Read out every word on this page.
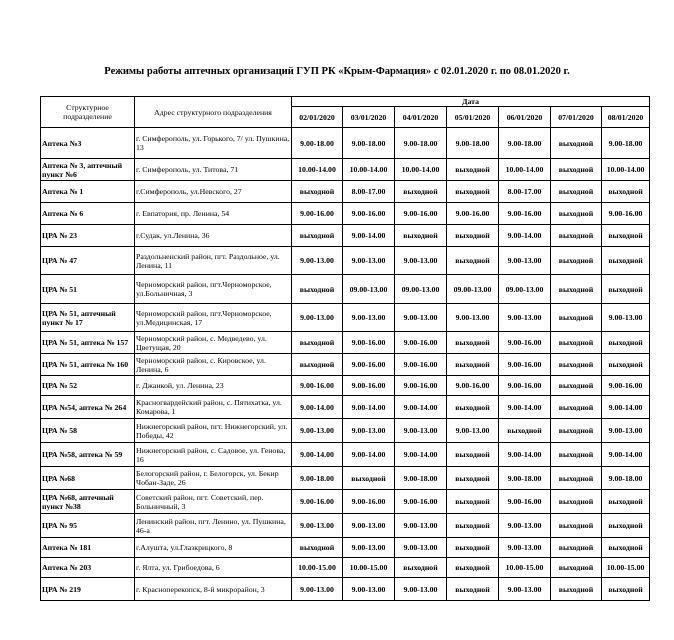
Режимы работы аптечных организаций ГУП РК «Крым-Фармация» с 02.01.2020 г. по 08.01.2020 г.
Структурное подразделение	Адрес структурного подразделения	Дата						
		02/01/2020	03/01/2020	04/01/2020	05/01/2020	06/01/2020	07/01/2020	08/01/2020
Аптека №3	г. Симферополь, ул. Горького, 7/ ул. Пушкина, 13	9.00-18.00	9.00-18.00	9.00-18.00	9.00-18.00	9.00-18.00	выходной	9.00-18.00
Аптека № 3, аптечный пункт №6	г. Симферополь, ул. Титова, 71	10.00-14.00	10.00-14.00	10.00-14.00	выходной	10.00-14.00	выходной	10.00-14.00
Аптека № 1	г.Симферополь, ул.Невского, 27	выходной	8.00-17.00	выходной	выходной	8.00-17.00	выходной	выходной
Аптека № 6	г. Евпатория, пр. Ленина, 54	9.00-16.00	9.00-16.00	9.00-16.00	9.00-16.00	9.00-16.00	выходной	9.00-16.00
ЦРА № 23	г.Судак, ул.Ленина, 36	выходной	9.00-14.00	выходной	выходной	9.00-14.00	выходной	выходной
ЦРА № 47	Раздольненский район, пгт. Раздольное, ул. Ленина, 11	9.00-13.00	9.00-13.00	9.00-13.00	выходной	9.00-13.00	выходной	выходной
ЦРА № 51	Черноморский район, пгт.Черноморское, ул.Больничная, 3	выходной	09.00-13.00	09.00-13.00	09.00-13.00	09.00-13.00	выходной	выходной
ЦРА № 51, аптечный пункт № 17	Черноморский район, пгт.Черноморское, ул.Медицинская, 17	9.00-13.00	9.00-13.00	9.00-13.00	9.00-13.00	9.00-13.00	выходной	9.00-13.00
ЦРА № 51, аптека № 157	Черноморский район, с. Медведево, ул. Цветущая, 20	выходной	9.00-16.00	9.00-16.00	выходной	9.00-16.00	выходной	выходной
ЦРА № 51, аптека № 160	Черноморский район, с. Кировское, ул. Ленина, 6	выходной	9.00-16.00	9.00-16.00	выходной	9.00-16.00	выходной	выходной
ЦРА № 52	г. Джанкой, ул. Ленина, 23	9.00-16.00	9.00-16.00	9.00-16.00	9.00-16.00	9.00-16.00	выходной	9.00-16.00
ЦРА №54, аптека № 264	Красногвардейский район, с. Пятихатка, ул. Комарова, 1	9.00-14.00	9.00-14.00	9.00-14.00	выходной	9.00-14.00	выходной	9.00-14.00
ЦРА № 58	Нижнегорский район, пгт. Нижнегорский, ул. Победы, 42	9.00-13.00	9.00-13.00	9.00-13.00	9.00-13.00	выходной	выходной	9.00-13.00
ЦРА №58, аптека № 59	Нижнегорский район, с. Садовое, ул. Генова, 16	9.00-14.00	9.00-14.00	9.00-14.00	выходной	9.00-14.00	выходной	9.00-14.00
ЦРА №68	Белогорский район, г. Белогорск, ул. Бекир Чобан-Заде, 26	9.00-18.00	выходной	9.00-18.00	выходной	9.00-18.00	выходной	9.00-18.00
ЦРА №68, аптечный пункт №38	Советский район, пгт. Советский, пер. Больничный, 3	9.00-16.00	9.00-16.00	9.00-16.00	выходной	9.00-16.00	выходной	выходной
ЦРА № 95	Ленинский район, пгт. Ленино, ул. Пушкина, 46-а	9.00-13.00	9.00-13.00	9.00-13.00	выходной	9.00-13.00	выходной	выходной
Аптека № 181	г.Алушта, ул.Глазкрицкого, 8	выходной	9.00-13.00	9.00-13.00	выходной	9.00-13.00	выходной	выходной
Аптека № 203	г. Ялта, ул. Грибоедова, 6	10.00-15.00	10.00-15.00	выходной	выходной	10.00-15.00	выходной	10.00-15.00
ЦРА № 219	г. Красноперекопск, 8-й микрорайон, 3	9.00-13.00	9.00-13.00	9.00-13.00	выходной	9.00-13.00	выходной	выходной
